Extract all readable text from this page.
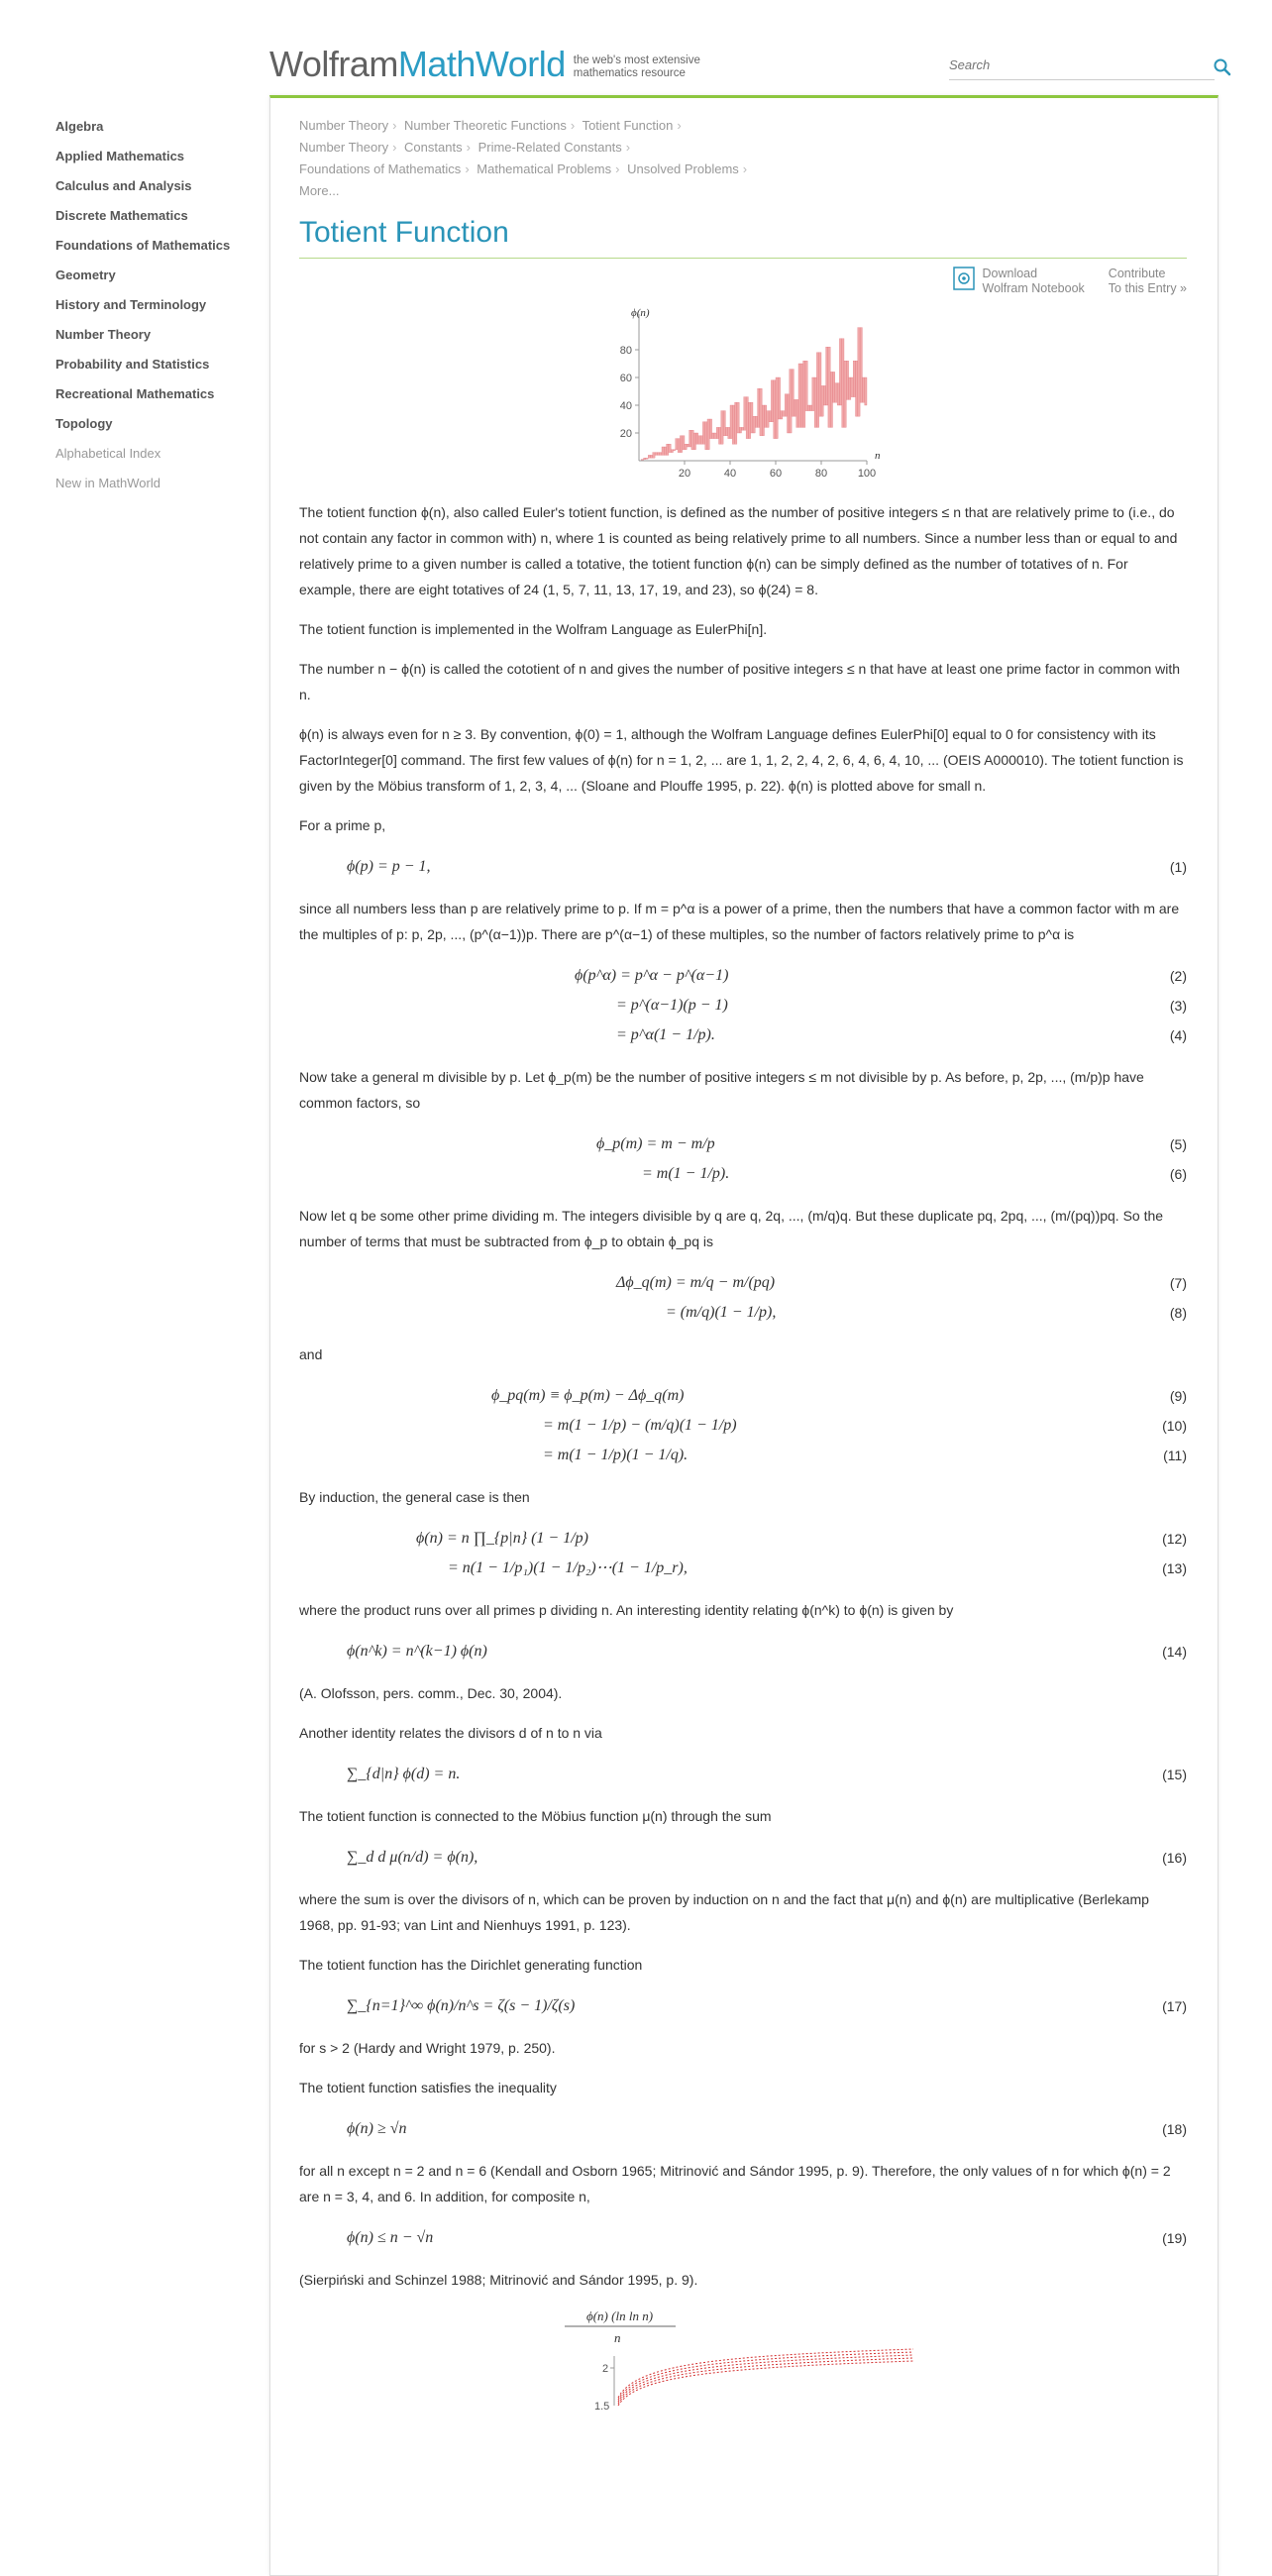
Wolfram MathWorld the web's most extensive mathematics resource
Search
Algebra
Applied Mathematics
Calculus and Analysis
Discrete Mathematics
Foundations of Mathematics
Geometry
History and Terminology
Number Theory
Probability and Statistics
Recreational Mathematics
Topology
Alphabetical Index
New in MathWorld
Number Theory › Number Theoretic Functions › Totient Function ›
Number Theory › Constants › Prime-Related Constants ›
Foundations of Mathematics › Mathematical Problems › Unsolved Problems ›
More...
Totient Function
Download
Wolfram Notebook
Contribute
To this Entry »
20	40	60	80	100
20
40
60
80
ϕ(n)
n
The totient function ϕ(n), also called Euler's totient function, is defined as the number of positive integers ≤ n that are relatively prime to (i.e., do not contain any factor in common with) n, where 1 is counted as being relatively prime to all numbers. Since a number less than or equal to and relatively prime to a given number is called a totative, the totient function ϕ(n) can be simply defined as the number of totatives of n. For example, there are eight totatives of 24 (1, 5, 7, 11, 13, 17, 19, and 23), so ϕ(24) = 8.
The totient function is implemented in the Wolfram Language as EulerPhi[n].
The number n − ϕ(n) is called the cototient of n and gives the number of positive integers ≤ n that have at least one prime factor in common with n.
ϕ(n) is always even for n ≥ 3. By convention, ϕ(0) = 1, although the Wolfram Language defines EulerPhi[0] equal to 0 for consistency with its FactorInteger[0] command. The first few values of ϕ(n) for n = 1, 2, ... are 1, 1, 2, 2, 4, 2, 6, 4, 6, 4, 10, ... (OEIS A000010). The totient function is given by the Möbius transform of 1, 2, 3, 4, ... (Sloane and Plouffe 1995, p. 22). ϕ(n) is plotted above for small n.
For a prime p,
ϕ(p) = p − 1,	(1)
since all numbers less than p are relatively prime to p. If m = p^α is a power of a prime, then the numbers that have a common factor with m are the multiples of p: p, 2p, ..., (p^(α−1))p. There are p^(α−1) of these multiples, so the number of factors relatively prime to p^α is
ϕ(p^α) = p^α − p^(α−1)	(2)
= p^(α−1)(p − 1)	(3)
= p^α(1 − 1/p).	(4)
Now take a general m divisible by p. Let ϕ_p(m) be the number of positive integers ≤ m not divisible by p. As before, p, 2p, ..., (m/p)p have common factors, so
ϕ_p(m) = m − m/p	(5)
= m(1 − 1/p).	(6)
Now let q be some other prime dividing m. The integers divisible by q are q, 2q, ..., (m/q)q. But these duplicate pq, 2pq, ..., (m/(pq))pq. So the number of terms that must be subtracted from ϕ_p to obtain ϕ_pq is
Δϕ_q(m) = m/q − m/(pq)	(7)
= (m/q)(1 − 1/p),	(8)
and
ϕ_pq(m) ≡ ϕ_p(m) − Δϕ_q(m)	(9)
= m(1 − 1/p) − (m/q)(1 − 1/p)	(10)
= m(1 − 1/p)(1 − 1/q).	(11)
By induction, the general case is then
ϕ(n) = n ∏_{p|n} (1 − 1/p)	(12)
= n(1 − 1/p₁)(1 − 1/p₂)⋯(1 − 1/p_r),	(13)
where the product runs over all primes p dividing n. An interesting identity relating ϕ(n^k) to ϕ(n) is given by
ϕ(n^k) = n^(k−1) ϕ(n)	(14)
(A. Olofsson, pers. comm., Dec. 30, 2004).
Another identity relates the divisors d of n to n via
∑_{d|n} ϕ(d) = n.	(15)
The totient function is connected to the Möbius function μ(n) through the sum
∑_d d μ(n/d) = ϕ(n),	(16)
where the sum is over the divisors of n, which can be proven by induction on n and the fact that μ(n) and ϕ(n) are multiplicative (Berlekamp 1968, pp. 91-93; van Lint and Nienhuys 1991, p. 123).
The totient function has the Dirichlet generating function
∑_{n=1}^∞ ϕ(n)/n^s = ζ(s − 1)/ζ(s)	(17)
for s > 2 (Hardy and Wright 1979, p. 250).
The totient function satisfies the inequality
ϕ(n) ≥ √n	(18)
for all n except n = 2 and n = 6 (Kendall and Osborn 1965; Mitrinović and Sándor 1995, p. 9). Therefore, the only values of n for which ϕ(n) = 2 are n = 3, 4, and 6. In addition, for composite n,
ϕ(n) ≤ n − √n	(19)
(Sierpiński and Schinzel 1988; Mitrinović and Sándor 1995, p. 9).
ϕ(n) (ln ln n)
n
2
1.5
